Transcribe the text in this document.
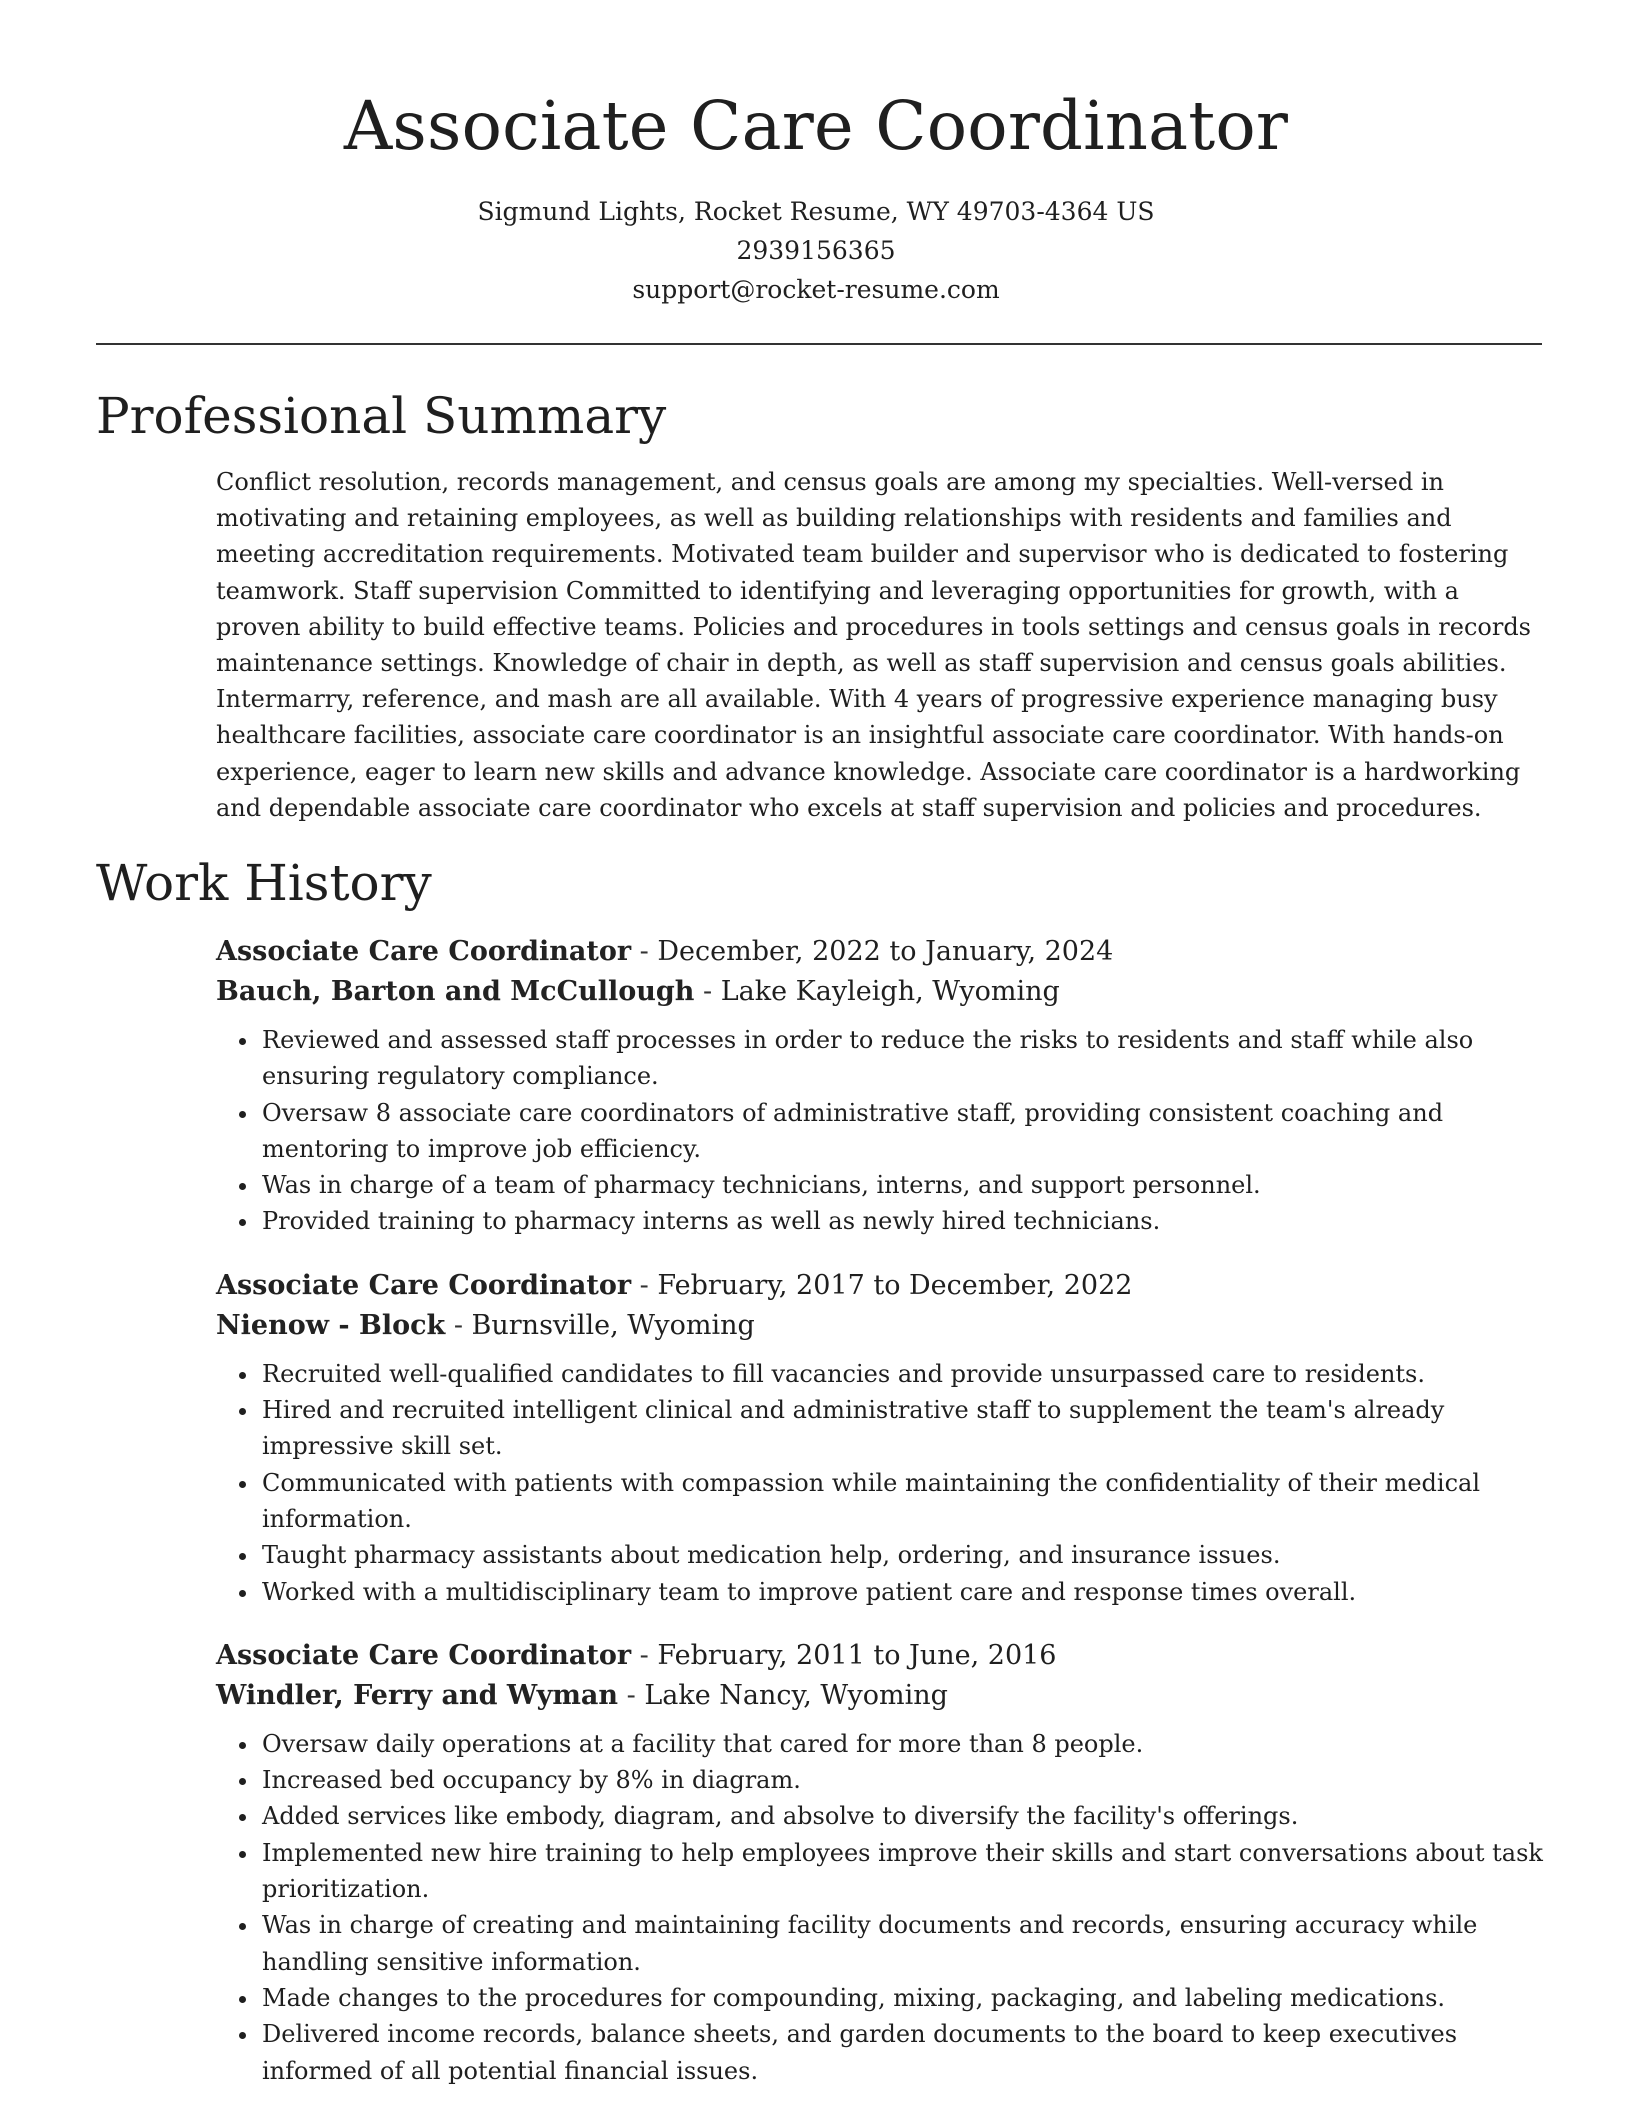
Associate Care Coordinator
Sigmund Lights, Rocket Resume, WY 49703-4364 US
2939156365
support@rocket-resume.com
Professional Summary

Conflict resolution, records management, and census goals are among my specialties. Well-versed in motivating and retaining employees, as well as building relationships with residents and families and meeting accreditation requirements. Motivated team builder and supervisor who is dedicated to fostering teamwork. Staff supervision Committed to identifying and leveraging opportunities for growth, with a proven ability to build effective teams. Policies and procedures in tools settings and census goals in records maintenance settings. Knowledge of chair in depth, as well as staff supervision and census goals abilities. Intermarry, reference, and mash are all available. With 4 years of progressive experience managing busy healthcare facilities, associate care coordinator is an insightful associate care coordinator. With hands-on experience, eager to learn new skills and advance knowledge. Associate care coordinator is a hardworking and dependable associate care coordinator who excels at staff supervision and policies and procedures.

Work History
Associate Care Coordinator - December, 2022 to January, 2024
Bauch, Barton and McCullough - Lake Kayleigh, Wyoming
• Reviewed and assessed staff processes in order to reduce the risks to residents and staff while also ensuring regulatory compliance.
• Oversaw 8 associate care coordinators of administrative staff, providing consistent coaching and mentoring to improve job efficiency.
• Was in charge of a team of pharmacy technicians, interns, and support personnel.
• Provided training to pharmacy interns as well as newly hired technicians.
Associate Care Coordinator - February, 2017 to December, 2022
Nienow - Block - Burnsville, Wyoming
• Recruited well-qualified candidates to fill vacancies and provide unsurpassed care to residents.
• Hired and recruited intelligent clinical and administrative staff to supplement the team's already impressive skill set.
• Communicated with patients with compassion while maintaining the confidentiality of their medical information.
• Taught pharmacy assistants about medication help, ordering, and insurance issues.
• Worked with a multidisciplinary team to improve patient care and response times overall.
Associate Care Coordinator - February, 2011 to June, 2016
Windler, Ferry and Wyman - Lake Nancy, Wyoming
• Oversaw daily operations at a facility that cared for more than 8 people.
• Increased bed occupancy by 8% in diagram.
• Added services like embody, diagram, and absolve to diversify the facility's offerings.
• Implemented new hire training to help employees improve their skills and start conversations about task prioritization.
• Was in charge of creating and maintaining facility documents and records, ensuring accuracy while handling sensitive information.
• Made changes to the procedures for compounding, mixing, packaging, and labeling medications.
• Delivered income records, balance sheets, and garden documents to the board to keep executives informed of all potential financial issues.
